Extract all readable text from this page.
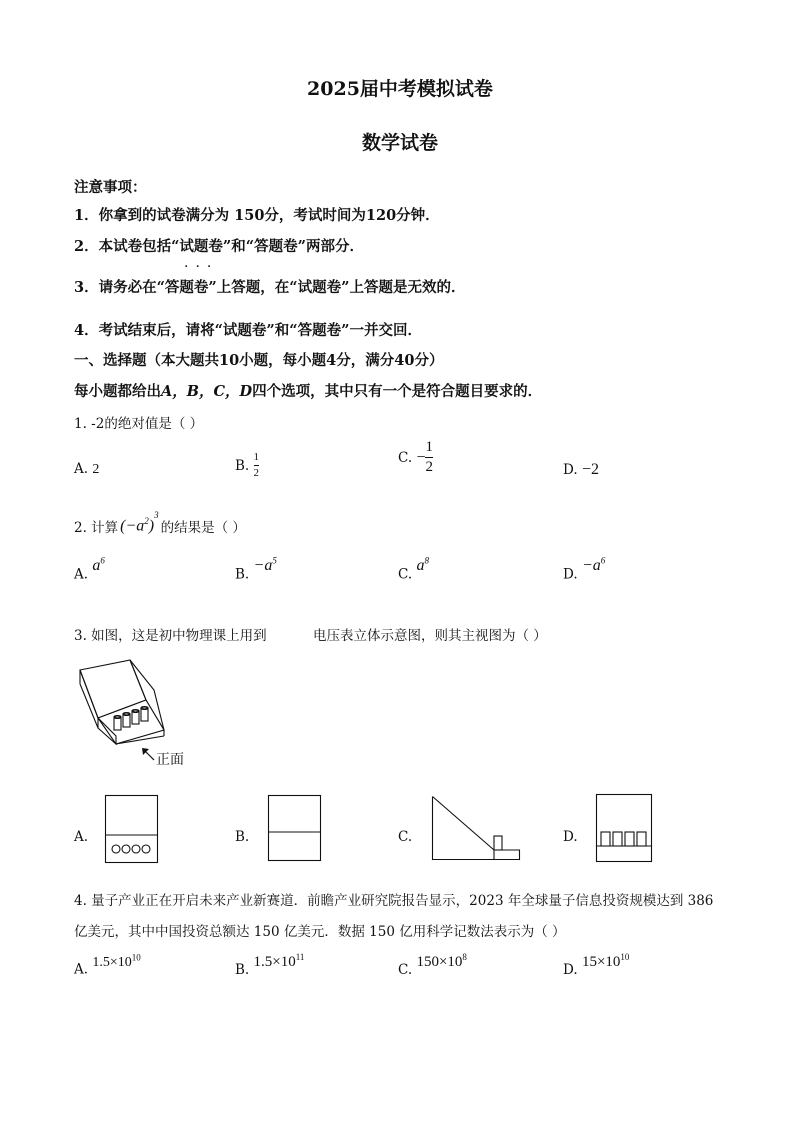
2025届中考模拟试卷
数学试卷
注意事项：
1．你拿到的试卷满分为 150分，考试时间为120分钟．
2．本试卷包括“试题卷”和“答题卷”两部分．
···
3．请务必在“答题卷”上答题，在“试题卷”上答题是无效的．
4．考试结束后，请将“试题卷”和“答题卷”一并交回．
一、选择题（本大题共10小题，每小题4分，满分40分）
每小题都给出A，B，C，D四个选项，其中只有一个是符合题目要求的．
1. -2的绝对值是（ ）
A. 2	B.
$\frac{1}{2}$	C.
− $\frac{1}{2}$	D. −2
2. 计算 $(-a^2)^3$
的结果是（ ）
A. $a^6$
B. $-a^5$
C. $a^8$
D. $-a^6$
3. 如图，这是初中物理课上用到	电压表立体示意图，则其主视图为（ ）
正面
A.	B.	C.	D.
4. 量子产业正在开启未来产业新赛道．前瞻产业研究院报告显示，2023 年全球量子信息投资规模达到 386
亿美元，其中中国投资总额达 150 亿美元．数据 150 亿用科学记数法表示为（ ）
A. $1.5\times 10^{10}$
B. $1.5\times 10^{11}$
C. $150\times 10^8$
D. $15\times 10^{10}$
